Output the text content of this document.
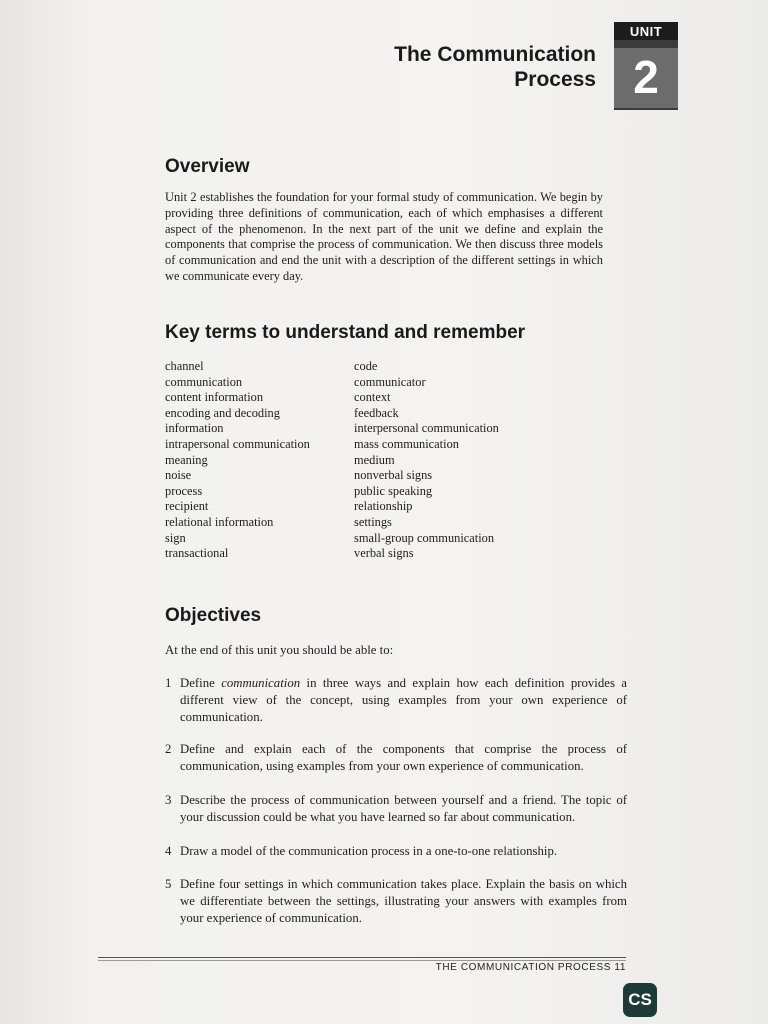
UNIT
2
The Communication
Process
Overview
Unit 2 establishes the foundation for your formal study of communication. We begin by providing three definitions of communication, each of which emphasises a different aspect of the phenomenon. In the next part of the unit we define and explain the components that comprise the process of communication. We then discuss three models of communication and end the unit with a description of the different settings in which we communicate every day.
Key terms to understand and remember
channel
communication
content information
encoding and decoding
information
intrapersonal communication
meaning
noise
process
recipient
relational information
sign
transactional
code
communicator
context
feedback
interpersonal communication
mass communication
medium
nonverbal signs
public speaking
relationship
settings
small-group communication
verbal signs
Objectives
At the end of this unit you should be able to:
1 Define communication in three ways and explain how each definition provides a different view of the concept, using examples from your own experience of communication.
2 Define and explain each of the components that comprise the process of communication, using examples from your own experience of communication.
3 Describe the process of communication between yourself and a friend. The topic of your discussion could be what you have learned so far about communication.
4 Draw a model of the communication process in a one-to-one relationship.
5 Define four settings in which communication takes place. Explain the basis on which we differentiate between the settings, illustrating your answers with examples from your experience of communication.
THE COMMUNICATION PROCESS 11
CS
